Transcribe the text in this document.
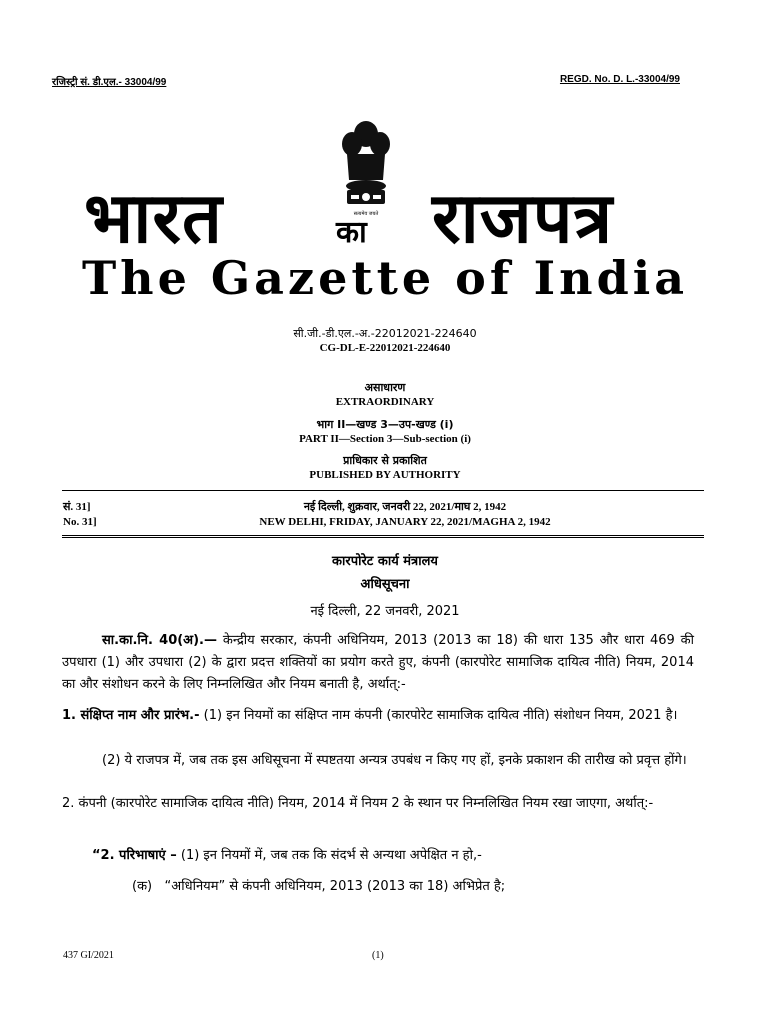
रजिस्ट्री सं. डी.एल.- 33004/99	REGD. No. D. L.-33004/99
सत्यमेव जयते
भारत	का राजपत्र
The Gazette of India
सी.जी.-डी.एल.-अ.-22012021-224640
CG-DL-E-22012021-224640
असाधारण
EXTRAORDINARY
भाग II—खण्ड 3—उप-खण्ड (i)
PART II—Section 3—Sub-section (i)
प्राधिकार से प्रकाशित
PUBLISHED BY AUTHORITY
सं. 31]	नई दिल्ली, शुक्रवार, जनवरी 22, 2021/माघ 2, 1942
No. 31]	NEW DELHI, FRIDAY, JANUARY 22, 2021/MAGHA 2, 1942
कारपोरेट कार्य मंत्रालय
अधिसूचना
नई दिल्ली, 22 जनवरी, 2021
सा.का.नि. 40(अ).— केन्द्रीय सरकार, कंपनी अधिनियम, 2013 (2013 का 18) की धारा 135 और धारा 469 की उपधारा (1) और उपधारा (2) के द्वारा प्रदत्त शक्तियों का प्रयोग करते हुए, कंपनी (कारपोरेट सामाजिक दायित्व नीति) नियम, 2014 का और संशोधन करने के लिए निम्नलिखित और नियम बनाती है, अर्थात्:-
1. संक्षिप्त नाम और प्रारंभ.- (1) इन नियमों का संक्षिप्त नाम कंपनी (कारपोरेट सामाजिक दायित्व नीति) संशोधन नियम, 2021 है।
(2) ये राजपत्र में, जब तक इस अधिसूचना में स्पष्टतया अन्यत्र उपबंध न किए गए हों, इनके प्रकाशन की तारीख को प्रवृत्त होंगे।
2. कंपनी (कारपोरेट सामाजिक दायित्व नीति) नियम, 2014 में नियम 2 के स्थान पर निम्नलिखित नियम रखा जाएगा, अर्थात्:-
“2. परिभाषाएं – (1) इन नियमों में, जब तक कि संदर्भ से अन्यथा अपेक्षित न हो,-
(क) “अधिनियम” से कंपनी अधिनियम, 2013 (2013 का 18) अभिप्रेत है;
437 GI/2021	(1)
